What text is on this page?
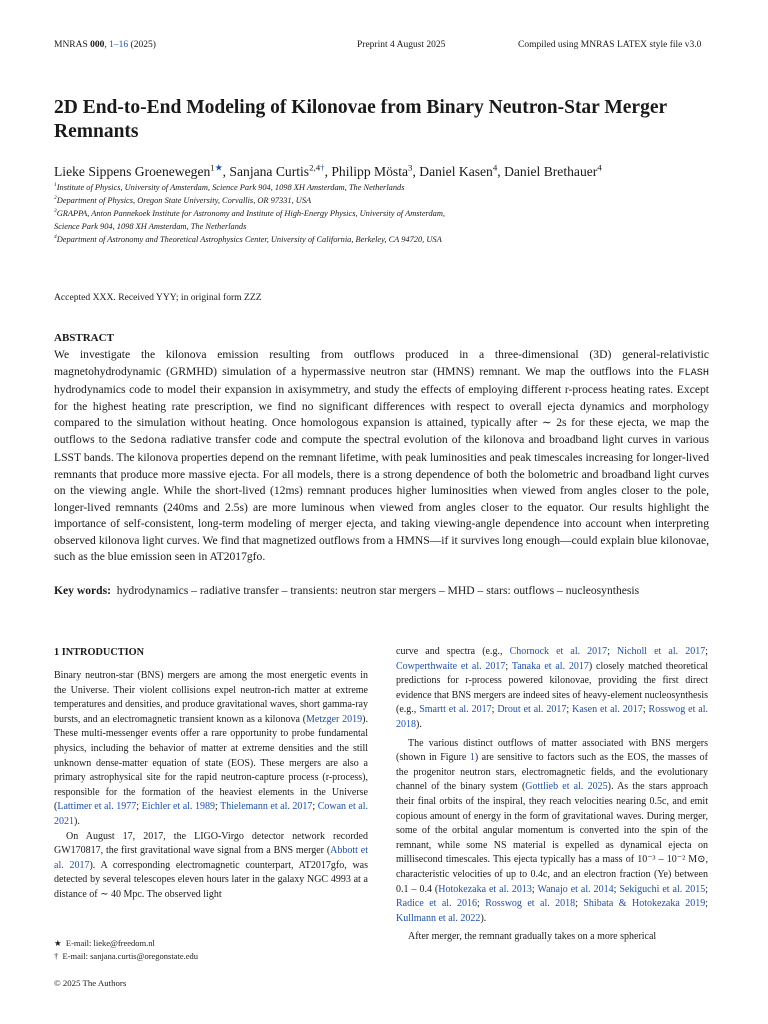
MNRAS 000, 1–16 (2025)	Preprint 4 August 2025	Compiled using MNRAS LATEX style file v3.0
2D End-to-End Modeling of Kilonovae from Binary Neutron-Star Merger Remnants
Lieke Sippens Groenewegen$^{1★}$, Sanjana Curtis$^{2,4\dagger}$, Philipp Mösta$^3$, Daniel Kasen$^4$, Daniel Brethauer$^4$
$^1$Institute of Physics, University of Amsterdam, Science Park 904, 1098 XH Amsterdam, The Netherlands
$^2$Department of Physics, Oregon State University, Corvallis, OR 97331, USA
$^3$GRAPPA, Anton Pannekoek Institute for Astronomy and Institute of High-Energy Physics, University of Amsterdam,
Science Park 904, 1098 XH Amsterdam, The Netherlands
$^4$Department of Astronomy and Theoretical Astrophysics Center, University of California, Berkeley, CA 94720, USA
Accepted XXX. Received YYY; in original form ZZZ
ABSTRACT

We investigate the kilonova emission resulting from outflows produced in a three-dimensional (3D) general-relativistic magnetohydrodynamic (GRMHD) simulation of a hypermassive neutron star (HMNS) remnant. We map the outflows into the FLASH hydrodynamics code to model their expansion in axisymmetry, and study the effects of employing different r-process heating rates. Except for the highest heating rate prescription, we find no significant differences with respect to overall ejecta dynamics and morphology compared to the simulation without heating. Once homologous expansion is attained, typically after ∼ 2s for these ejecta, we map the outflows to the Sedona radiative transfer code and compute the spectral evolution of the kilonova and broadband light curves in various LSST bands. The kilonova properties depend on the remnant lifetime, with peak luminosities and peak timescales increasing for longer-lived remnants that produce more massive ejecta. For all models, there is a strong dependence of both the bolometric and broadband light curves on the viewing angle. While the short-lived (12ms) remnant produces higher luminosities when viewed from angles closer to the pole, longer-lived remnants (240ms and 2.5s) are more luminous when viewed from angles closer to the equator. Our results highlight the importance of self-consistent, long-term modeling of merger ejecta, and taking viewing-angle dependence into account when interpreting observed kilonova light curves. We find that magnetized outflows from a HMNS—if it survives long enough—could explain blue kilonovae, such as the blue emission seen in AT2017gfo.

Key words: hydrodynamics – radiative transfer – transients: neutron star mergers – MHD – stars: outflows – nucleosynthesis
1 INTRODUCTION

Binary neutron-star (BNS) mergers are among the most energetic events in the Universe. Their violent collisions expel neutron-rich matter at extreme temperatures and densities, and produce gravitational waves, short gamma-ray bursts, and an electromagnetic transient known as a kilonova (Metzger 2019). These multi-messenger events offer a rare opportunity to probe fundamental physics, including the behavior of matter at extreme densities and the still unknown dense-matter equation of state (EOS). These mergers are also a primary astrophysical site for the rapid neutron-capture process (r-process), responsible for the formation of the heaviest elements in the Universe (Lattimer et al. 1977; Eichler et al. 1989; Thielemann et al. 2017; Cowan et al. 2021).

On August 17, 2017, the LIGO-Virgo detector network recorded GW170817, the first gravitational wave signal from a BNS merger (Abbott et al. 2017). A corresponding electromagnetic counterpart, AT2017gfo, was detected by several telescopes eleven hours later in the galaxy NGC 4993 at a distance of ∼ 40 Mpc. The observed light

curve and spectra (e.g., Chornock et al. 2017; Nicholl et al. 2017; Cowperthwaite et al. 2017; Tanaka et al. 2017) closely matched theoretical predictions for r-process powered kilonovae, providing the first direct evidence that BNS mergers are indeed sites of heavy-element nucleosynthesis (e.g., Smartt et al. 2017; Drout et al. 2017; Kasen et al. 2017; Rosswog et al. 2018).

The various distinct outflows of matter associated with BNS mergers (shown in Figure 1) are sensitive to factors such as the EOS, the masses of the progenitor neutron stars, electromagnetic fields, and the evolutionary channel of the binary system (Gottlieb et al. 2025). As the stars approach their final orbits of the inspiral, they reach velocities nearing 0.5c, and emit copious amount of energy in the form of gravitational waves. During merger, some of the orbital angular momentum is converted into the spin of the remnant, while some NS material is expelled as dynamical ejecta on millisecond timescales. This ejecta typically has a mass of 10⁻³ – 10⁻² M⊙, characteristic velocities of up to 0.4c, and an electron fraction (Ye) between 0.1 – 0.4 (Hotokezaka et al. 2013; Wanajo et al. 2014; Sekiguchi et al. 2015; Radice et al. 2016; Rosswog et al. 2018; Shibata & Hotokezaka 2019; Kullmann et al. 2022).

After merger, the remnant gradually takes on a more spherical

★ E-mail: lieke@freedom.nl
† E-mail: sanjana.curtis@oregonstate.edu
© 2025 The Authors
